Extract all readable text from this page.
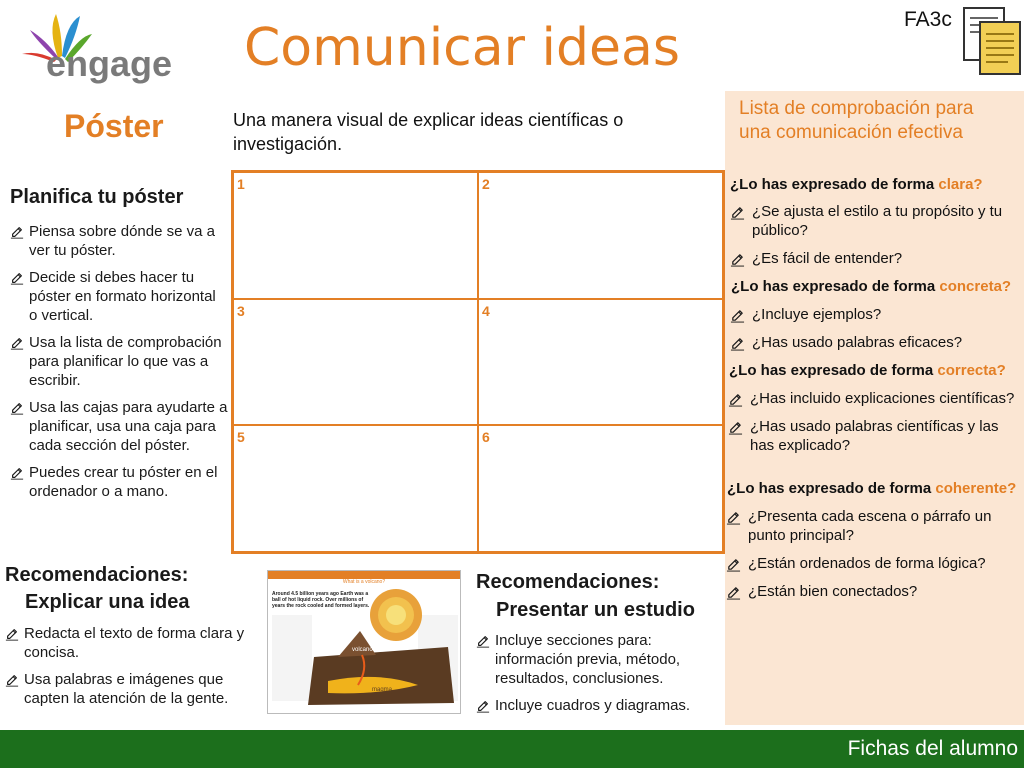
engage Comunicar ideas	FA3c
Póster	Una manera visual de explicar ideas científicas o investigación.
Planifica tu póster
Piensa sobre dónde se va a ver tu póster.
Decide si debes hacer tu póster en formato horizontal o vertical.
Usa la lista de comprobación para planificar lo que vas a escribir.
Usa las cajas para ayudarte a planificar, usa una caja para cada sección del póster.
Puedes crear tu póster en el ordenador o a mano.
1	2
3	4
5	6
Recomendaciones:
Explicar una idea
Redacta el texto de forma clara y concisa.
Usa palabras e imágenes que capten la atención de la gente.
What is a volcano?
Around 4.5 billion years ago Earth was a ball of hot liquid rock. Over millions of years the rock cooled and formed layers.
volcano
magma
Recomendaciones:
Presentar un estudio
Incluye secciones para: información previa, método, resultados, conclusiones.
Incluye cuadros y diagramas.
Lista de comprobación para una comunicación efectiva
¿Lo has expresado de forma clara?
¿Se ajusta el estilo a tu propósito y tu público?
¿Es fácil de entender?
¿Lo has expresado de forma concreta?
¿Incluye ejemplos?
¿Has usado palabras eficaces?
¿Lo has expresado de forma correcta?
¿Has incluido explicaciones científicas?
¿Has usado palabras científicas y las has explicado?
¿Lo has expresado de forma coherente?
¿Presenta cada escena o párrafo un punto principal?
¿Están ordenados de forma lógica?
¿Están bien conectados?
Fichas del alumno
